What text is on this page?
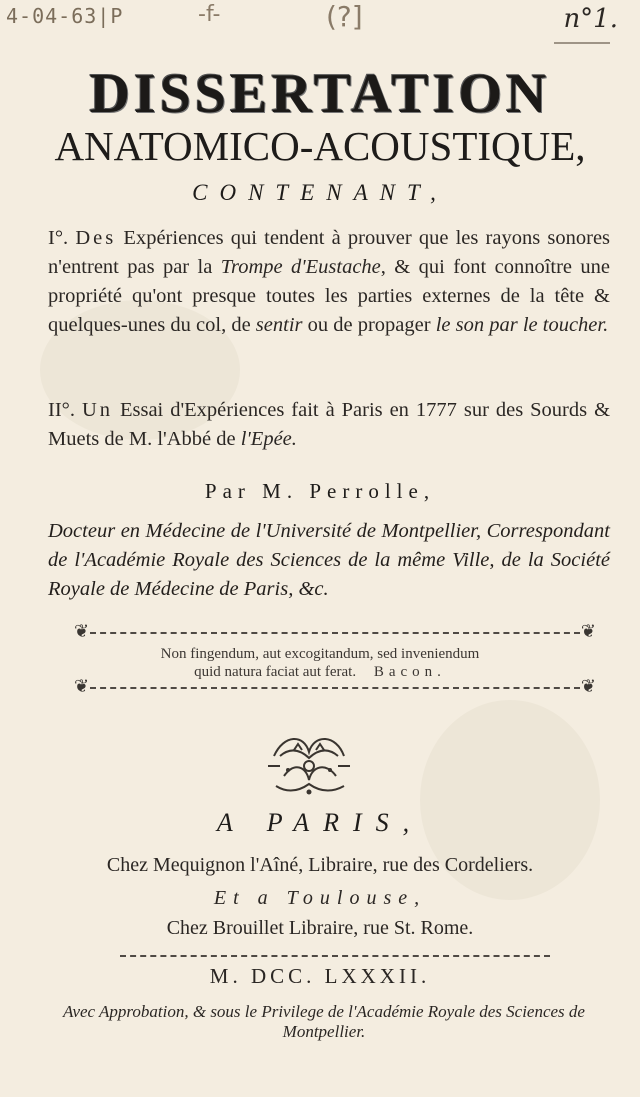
4-04-63|P	-f-	(?]	n°1.
DISSERTATION
ANATOMICO-ACOUSTIQUE,
CONTENANT,
I°. Des Expériences qui tendent à prouver que les rayons sonores n'entrent pas par la Trompe d'Eustache, & qui font connoître une propriété qu'ont presque toutes les parties externes de la tête & quelques-unes du col, de sentir ou de propager le son par le toucher.
II°. Un Essai d'Expériences fait à Paris en 1777 sur des Sourds & Muets de M. l'Abbé de l'Epée.
Par M. Perrolle,
Docteur en Médecine de l'Université de Montpellier, Correspondant de l'Académie Royale des Sciences de la même Ville, de la Société Royale de Médecine de Paris, &c.
❦	❦
Non fingendum, aut excogitandum, sed inveniendum
quid natura faciat aut ferat. Bacon.
❦	❦
A PARIS,
Chez Mequignon l'Aîné, Libraire, rue des Cordeliers.
Et a Toulouse,
Chez Brouillet Libraire, rue St. Rome.
M. DCC. LXXXII.
Avec Approbation, & sous le Privilege de l'Académie Royale des Sciences de Montpellier.
